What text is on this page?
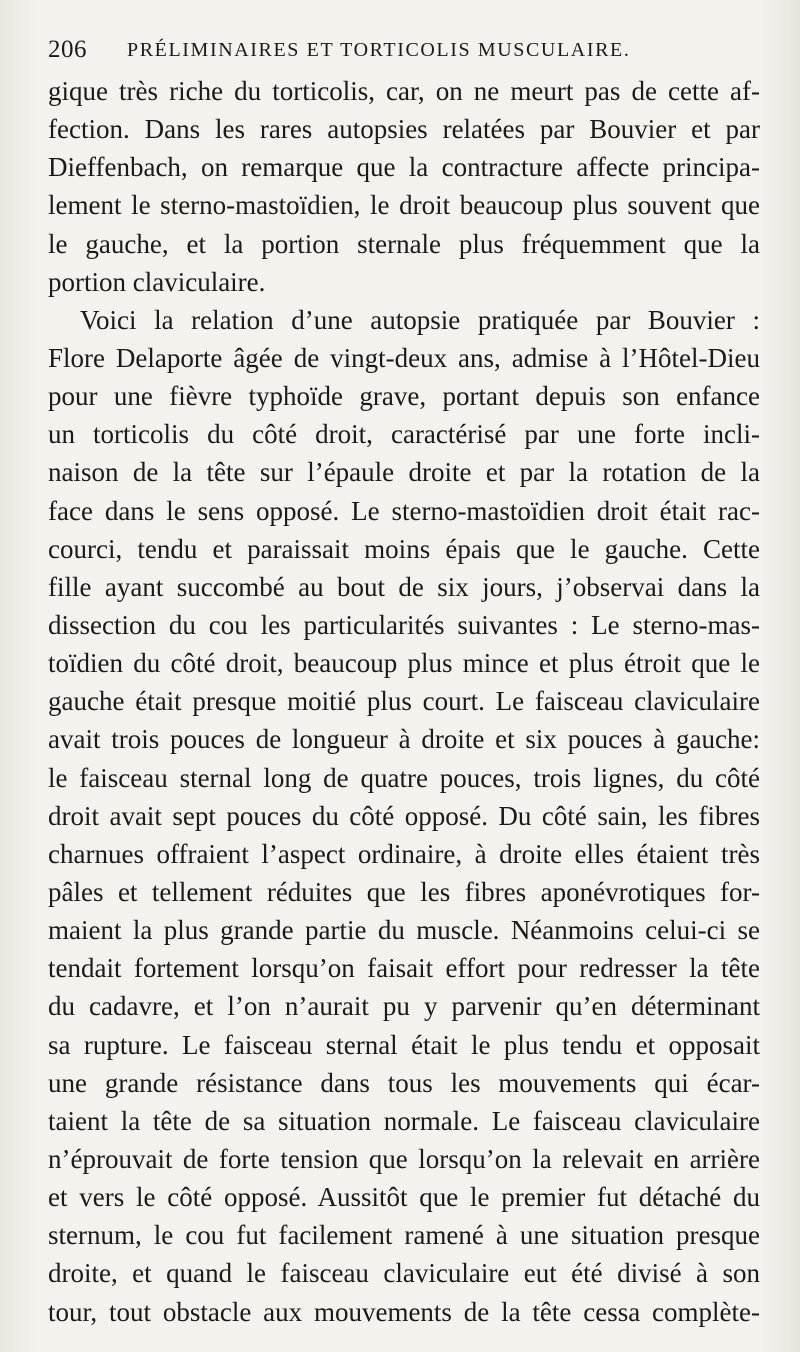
206 PRÉLIMINAIRES ET TORTICOLIS MUSCULAIRE.
gique très riche du torticolis, car, on ne meurt pas de cette af-
fection. Dans les rares autopsies relatées par Bouvier et par
Dieffenbach, on remarque que la contracture affecte principa-
lement le sterno-mastoïdien, le droit beaucoup plus souvent que
le gauche, et la portion sternale plus fréquemment que la
portion claviculaire.
Voici la relation d’une autopsie pratiquée par Bouvier :
Flore Delaporte âgée de vingt-deux ans, admise à l’Hôtel-Dieu
pour une fièvre typhoïde grave, portant depuis son enfance
un torticolis du côté droit, caractérisé par une forte incli-
naison de la tête sur l’épaule droite et par la rotation de la
face dans le sens opposé. Le sterno-mastoïdien droit était rac-
courci, tendu et paraissait moins épais que le gauche. Cette
fille ayant succombé au bout de six jours, j’observai dans la
dissection du cou les particularités suivantes : Le sterno-mas-
toïdien du côté droit, beaucoup plus mince et plus étroit que le
gauche était presque moitié plus court. Le faisceau claviculaire
avait trois pouces de longueur à droite et six pouces à gauche:
le faisceau sternal long de quatre pouces, trois lignes, du côté
droit avait sept pouces du côté opposé. Du côté sain, les fibres
charnues offraient l’aspect ordinaire, à droite elles étaient très
pâles et tellement réduites que les fibres aponévrotiques for-
maient la plus grande partie du muscle. Néanmoins celui-ci se
tendait fortement lorsqu’on faisait effort pour redresser la tête
du cadavre, et l’on n’aurait pu y parvenir qu’en déterminant
sa rupture. Le faisceau sternal était le plus tendu et opposait
une grande résistance dans tous les mouvements qui écar-
taient la tête de sa situation normale. Le faisceau claviculaire
n’éprouvait de forte tension que lorsqu’on la relevait en arrière
et vers le côté opposé. Aussitôt que le premier fut détaché du
sternum, le cou fut facilement ramené à une situation presque
droite, et quand le faisceau claviculaire eut été divisé à son
tour, tout obstacle aux mouvements de la tête cessa complète-
